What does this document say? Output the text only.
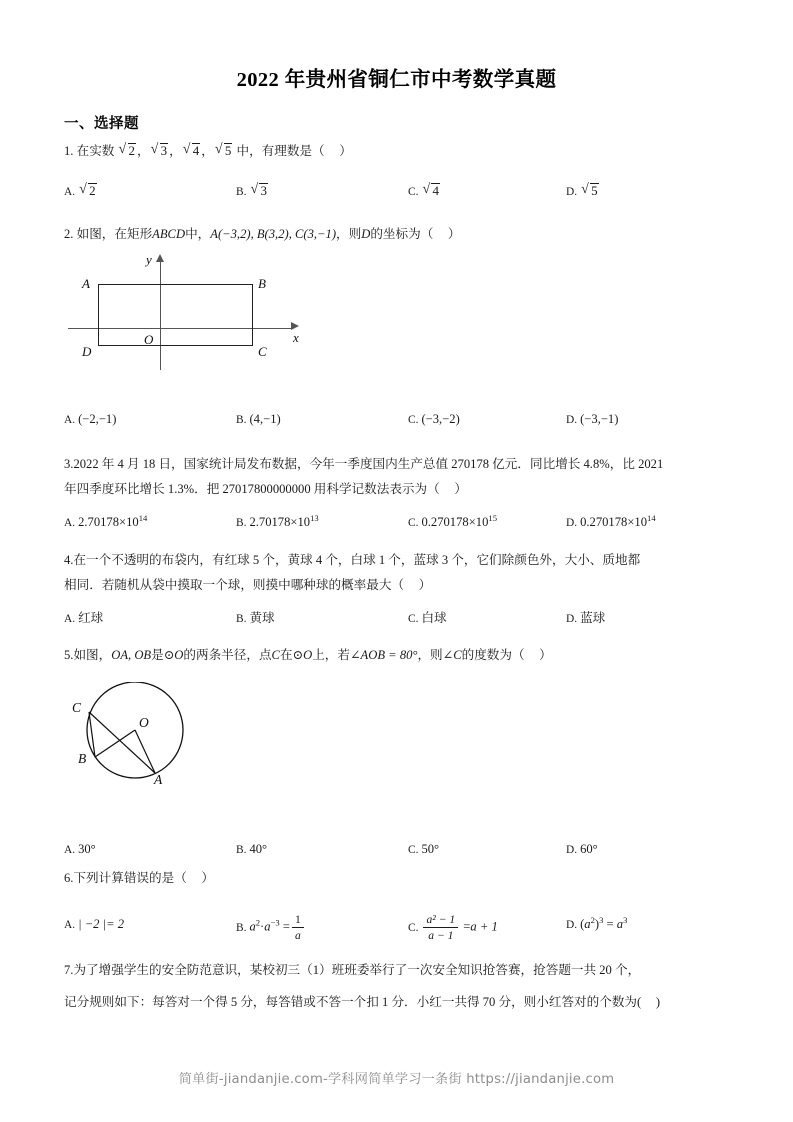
2022 年贵州省铜仁市中考数学真题
一、选择题
1. 在实数 √ 2 ， √ 3 ， √ 4 ， √ 5 中，有理数是（ ）
A. √ 2	B. √ 3	C. √ 4	D. √ 5
2. 如图，在矩形ABCD中，A(−3,2), B(3,2), C(3,−1)，则D的坐标为（ ）
A	B
C
D
O	x
y
A. (−2,−1)	B. (4,−1)	C. (−3,−2)	D. (−3,−1)
3.2022 年 4 月 18 日，国家统计局发布数据，今年一季度国内生产总值 270178 亿元．同比增长 4.8%，比 2021
年四季度环比增长 1.3%．把 27017800000000 用科学记数法表示为（ ）
A. $2.70178\times 10^{14}$	B. $2.70178\times 10^{13}$	C. $0.270178\times 10^{15}$	D. $0.270178\times 10^{14}$
4.在一个不透明的布袋内，有红球 5 个，黄球 4 个，白球 1 个，蓝球 3 个，它们除颜色外，大小、质地都
相同．若随机从袋中摸取一个球，则摸中哪种球的概率最大（ ）
A. 红球	B. 黄球	C. 白球	D. 蓝球
5.如图，OA, OB是⊙O的两条半径，点C在⊙O上，若∠AOB = 80°，则∠C的度数为（ ）
C
B
A
O
A. 30°	B. 40°	C. 50°	D. 60°
6.下列计算错误的是（ ）
A. | −2 |= 2	B. $a^2\cdot a^{-3} = \frac{1}{a}$	C. $\frac{\text{a² − 1}}{a - 1} =a + 1$	D. $(a^2)^3 = a^3$
7.为了增强学生的安全防范意识，某校初三（1）班班委举行了一次安全知识抢答赛，抢答题一共 20 个，
记分规则如下：每答对一个得 5 分，每答错或不答一个扣 1 分．小红一共得 70 分，则小红答对的个数为( )
简单街-jiandanjie.com-学科网简单学习一条街 https://jiandanjie.com
